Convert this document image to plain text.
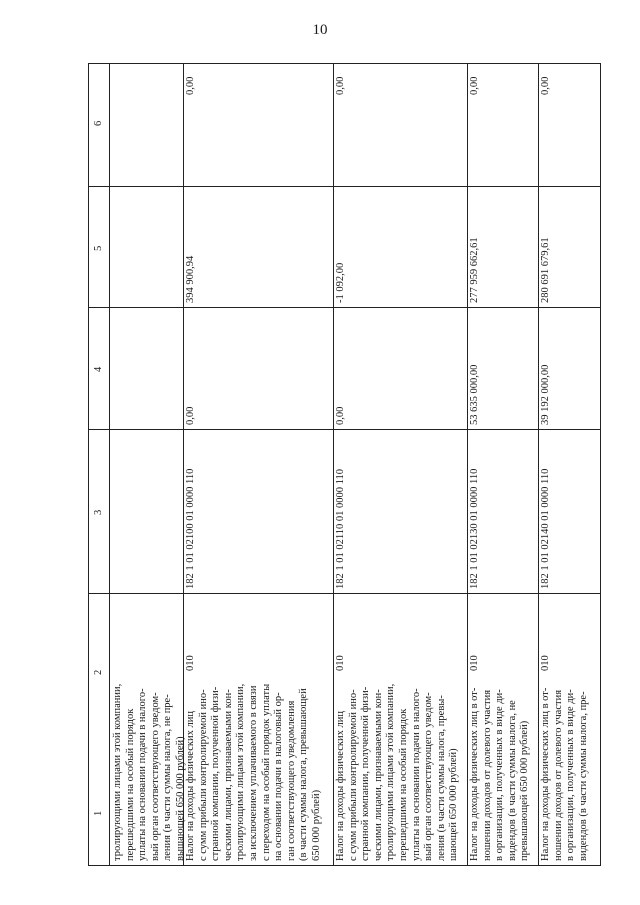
10
6
5
4
3
2
1 тролирующими лицами этой компании, перешедшими на особый порядок уплаты на основании подачи в налого- вый орган соответствующего уведом- ления (в части суммы налога, не пре- вышающей 650 000 рублей) Налог на доходы физических лиц с сумм прибыли контролируемой ино- странной компании, полученной физи- ческими лицами, признаваемыми кон- тролирующими лицами этой компании, за исключением уплачиваемого в связи с переходом на особый порядок уплаты на основании подачи в налоговый ор- ган соответствующего уведомления (в части суммы налога, превышающей 650 000 рублей)
010
182 1 01 02100 01 0000 110
0,00
394 900,94
0,00
Налог на доходы физических лиц с сумм прибыли контролируемой ино- странной компании, полученной физи- ческими лицами, признаваемыми кон- тролирующими лицами этой компании, перешедшими на особый порядок уплаты на основании подачи в налого- вый орган соответствующего уведом- ления (в части суммы налога, превы- шающей 650 000 рублей)
010
182 1 01 02110 01 0000 110
0,00
-1 092,00
0,00
Налог на доходы физических лиц в от- ношении доходов от долевого участия в организации, полученных в виде ди- видендов (в части суммы налога, не превышающей 650 000 рублей)
010
182 1 01 02130 01 0000 110
53 635 000,00
277 959 662,61
0,00
Налог на доходы физических лиц в от- ношении доходов от долевого участия в организации, полученных в виде ди- видендов (в части суммы налога, пре-
010
182 1 01 02140 01 0000 110
39 192 000,00
280 691 679,61
0,00
